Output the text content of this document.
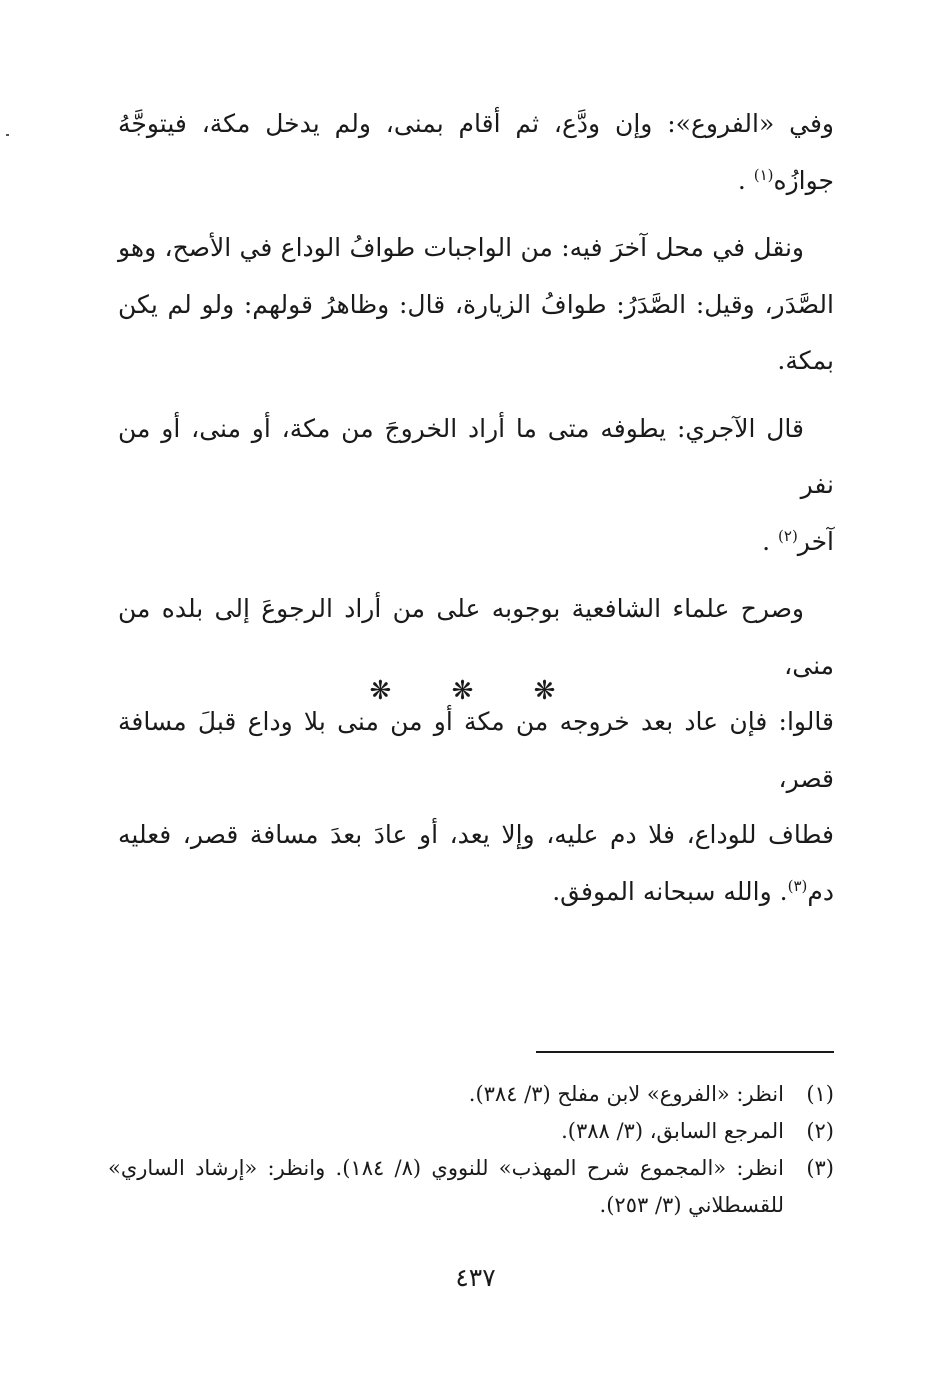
وفي «الفروع»: وإن ودَّع، ثم أقام بمنى، ولم يدخل مكة، فيتوجَّهُ
جوازُه$^{(١)}$ .
ونقل في محل آخرَ فيه: من الواجبات طوافُ الوداع في الأصح، وهو
الصَّدَر، وقيل: الصَّدَرُ: طوافُ الزيارة، قال: وظاهرُ قولهم: ولو لم يكن
بمكة.
قال الآجري: يطوفه متى ما أراد الخروجَ من مكة، أو منى، أو من نفر
آخر$^{(٢)}$ .
وصرح علماء الشافعية بوجوبه على من أراد الرجوعَ إلى بلده من منى،
قالوا: فإن عاد بعد خروجه من مكة أو من منى بلا وداع قبلَ مسافة قصر،
فطاف للوداع، فلا دم عليه، وإلا يعد، أو عادَ بعدَ مسافة قصر، فعليه
دم$^{(٣)}$. والله سبحانه الموفق.
❋ ❋ ❋
(١)
انظر: «الفروع» لابن مفلح (٣/ ٣٨٤).
(٢)
المرجع السابق، (٣/ ٣٨٨).
(٣)
انظر: «المجموع شرح المهذب» للنووي (٨/ ١٨٤). وانظر: «إرشاد الساري»
للقسطلاني (٣/ ٢٥٣).
٤٣٧
